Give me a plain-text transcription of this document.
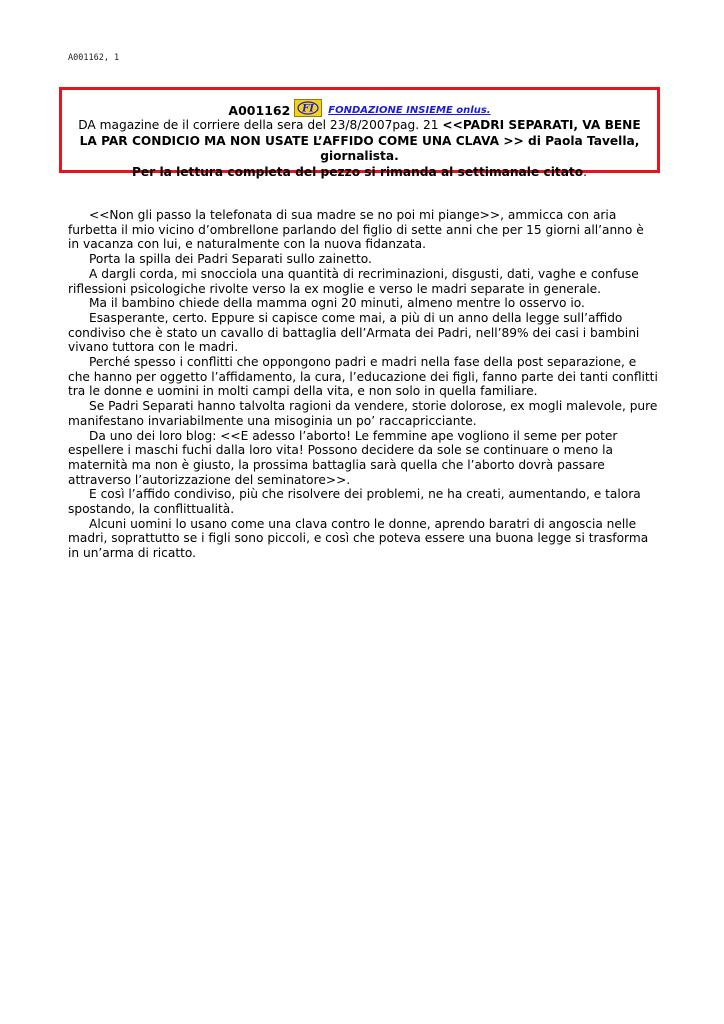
A001162, 1
A001162 FI FONDAZIONE INSIEME onlus.
DA magazine de il corriere della sera del 23/8/2007pag. 21 <<PADRI SEPARATI, VA BENE
LA PAR CONDICIO MA NON USATE L’AFFIDO COME UNA CLAVA >> di Paola Tavella,
giornalista.
Per la lettura completa del pezzo si rimanda al settimanale citato.

<<Non gli passo la telefonata di sua madre se no poi mi piange>>, ammicca con aria furbetta il mio vicino d’ombrellone parlando del figlio di sette anni che per 15 giorni all’anno è in vacanza con lui, e naturalmente con la nuova fidanzata.

Porta la spilla dei Padri Separati sullo zainetto.

A dargli corda, mi snocciola una quantità di recriminazioni, disgusti, dati, vaghe e confuse riflessioni psicologiche rivolte verso la ex moglie e verso le madri separate in generale.

Ma il bambino chiede della mamma ogni 20 minuti, almeno mentre lo osservo io.

Esasperante, certo. Eppure si capisce come mai, a più di un anno della legge sull’affido condiviso che è stato un cavallo di battaglia dell’Armata dei Padri, nell’89% dei casi i bambini vivano tuttora con le madri.

Perché spesso i conflitti che oppongono padri e madri nella fase della post separazione, e che hanno per oggetto l’affidamento, la cura, l’educazione dei figli, fanno parte dei tanti conflitti tra le donne e uomini in molti campi della vita, e non solo in quella familiare.

Se Padri Separati hanno talvolta ragioni da vendere, storie dolorose, ex mogli malevole, pure manifestano invariabilmente una misoginia un po’ raccapricciante.

Da uno dei loro blog: <<E adesso l’aborto! Le femmine ape vogliono il seme per poter espellere i maschi fuchi dalla loro vita! Possono decidere da sole se continuare o meno la maternità ma non è giusto, la prossima battaglia sarà quella che l’aborto dovrà passare attraverso l’autorizzazione del seminatore>>.

E così l’affido condiviso, più che risolvere dei problemi, ne ha creati, aumentando, e talora spostando, la conflittualità.

Alcuni uomini lo usano come una clava contro le donne, aprendo baratri di angoscia nelle madri, soprattutto se i figli sono piccoli, e così che poteva essere una buona legge si trasforma in un’arma di ricatto.
